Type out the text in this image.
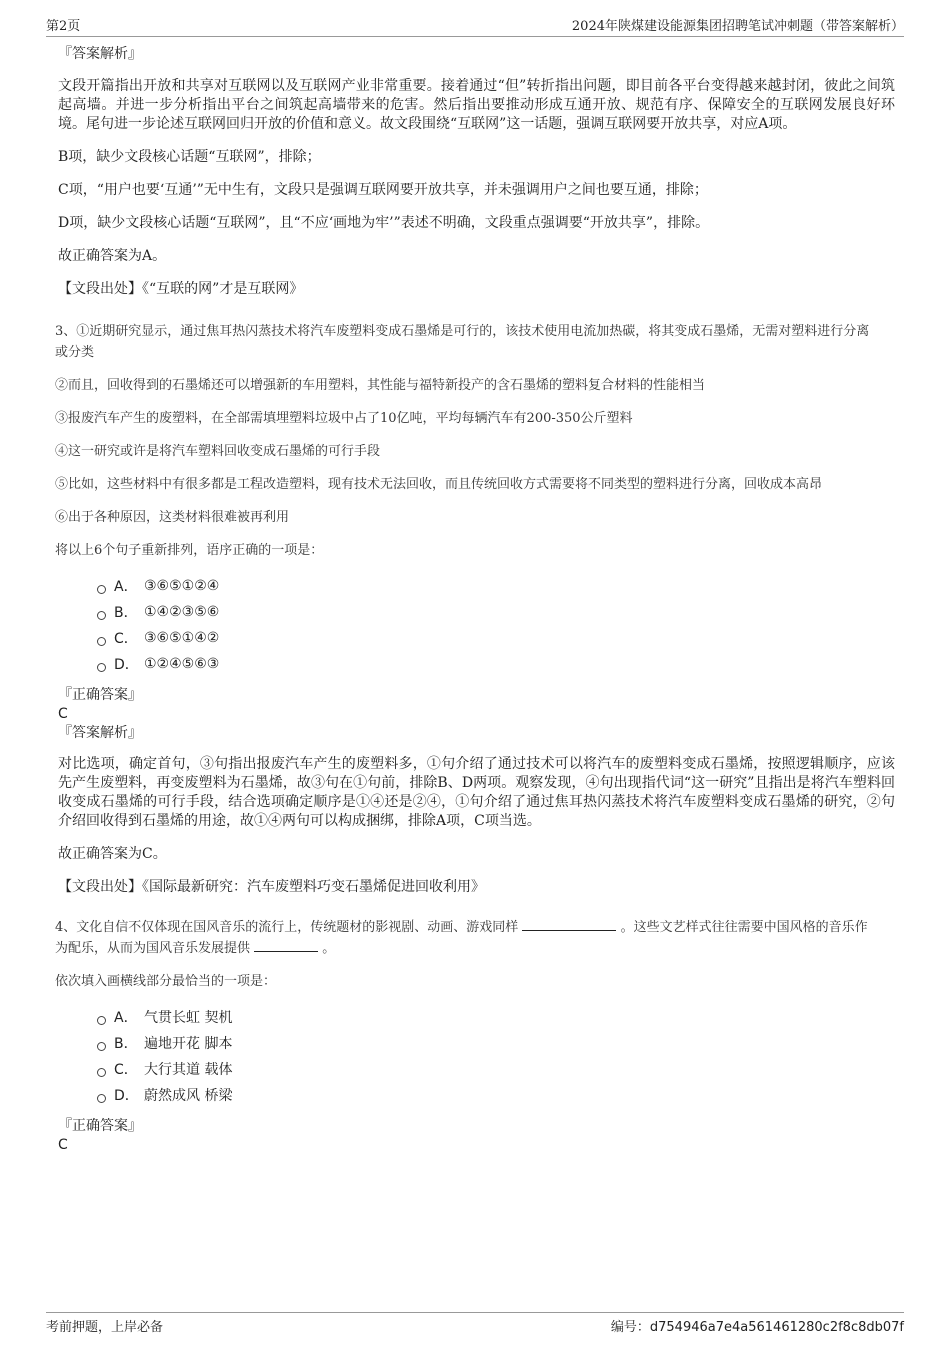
第2页	2024年陕煤建设能源集团招聘笔试冲刺题（带答案解析）
『答案解析』
文段开篇指出开放和共享对互联网以及互联网产业非常重要。接着通过“但”转折指出问题，即目前各平台变得越来越封闭，彼此之间筑起高墙。并进一步分析指出平台之间筑起高墙带来的危害。然后指出要推动形成互通开放、规范有序、保障安全的互联网发展良好环境。尾句进一步论述互联网回归开放的价值和意义。故文段围绕“互联网”这一话题，强调互联网要开放共享，对应A项。
B项，缺少文段核心话题“互联网”，排除；
C项，“用户也要‘互通’”无中生有，文段只是强调互联网要开放共享，并未强调用户之间也要互通，排除；
D项，缺少文段核心话题“互联网”，且“不应‘画地为牢’”表述不明确，文段重点强调要“开放共享”，排除。
故正确答案为A。
【文段出处】《“互联的网”才是互联网》
3、①近期研究显示，通过焦耳热闪蒸技术将汽车废塑料变成石墨烯是可行的，该技术使用电流加热碳，将其变成石墨烯，无需对塑料进行分离
或分类
②而且，回收得到的石墨烯还可以增强新的车用塑料，其性能与福特新投产的含石墨烯的塑料复合材料的性能相当
③报废汽车产生的废塑料，在全部需填埋塑料垃圾中占了10亿吨，平均每辆汽车有200-350公斤塑料
④这一研究或许是将汽车塑料回收变成石墨烯的可行手段
⑤比如，这些材料中有很多都是工程改造塑料，现有技术无法回收，而且传统回收方式需要将不同类型的塑料进行分离，回收成本高昂
⑥出于各种原因，这类材料很难被再利用
将以上6个句子重新排列，语序正确的一项是：
A． ③⑥⑤①②④
B． ①④②③⑤⑥
C． ③⑥⑤①④②
D． ①②④⑤⑥③
『正确答案』
C
『答案解析』
对比选项，确定首句，③句指出报废汽车产生的废塑料多，①句介绍了通过技术可以将汽车的废塑料变成石墨烯，按照逻辑顺序，应该先产生废塑料，再变废塑料为石墨烯，故③句在①句前，排除B、D两项。观察发现，④句出现指代词“这一研究”且指出是将汽车塑料回收变成石墨烯的可行手段，结合选项确定顺序是①④还是②④，①句介绍了通过焦耳热闪蒸技术将汽车废塑料变成石墨烯的研究，②句介绍回收得到石墨烯的用途，故①④两句可以构成捆绑，排除A项，C项当选。
故正确答案为C。
【文段出处】《国际最新研究：汽车废塑料巧变石墨烯促进回收利用》
4、文化自信不仅体现在国风音乐的流行上，传统题材的影视剧、动画、游戏同样	。这些文艺样式往往需要中国风格的音乐作
为配乐，从而为国风音乐发展提供	。
依次填入画横线部分最恰当的一项是：
A． 气贯长虹 契机
B． 遍地开花 脚本
C． 大行其道 载体
D． 蔚然成风 桥梁
『正确答案』
C
考前押题，上岸必备	编号：d754946a7e4a561461280c2f8c8db07f
